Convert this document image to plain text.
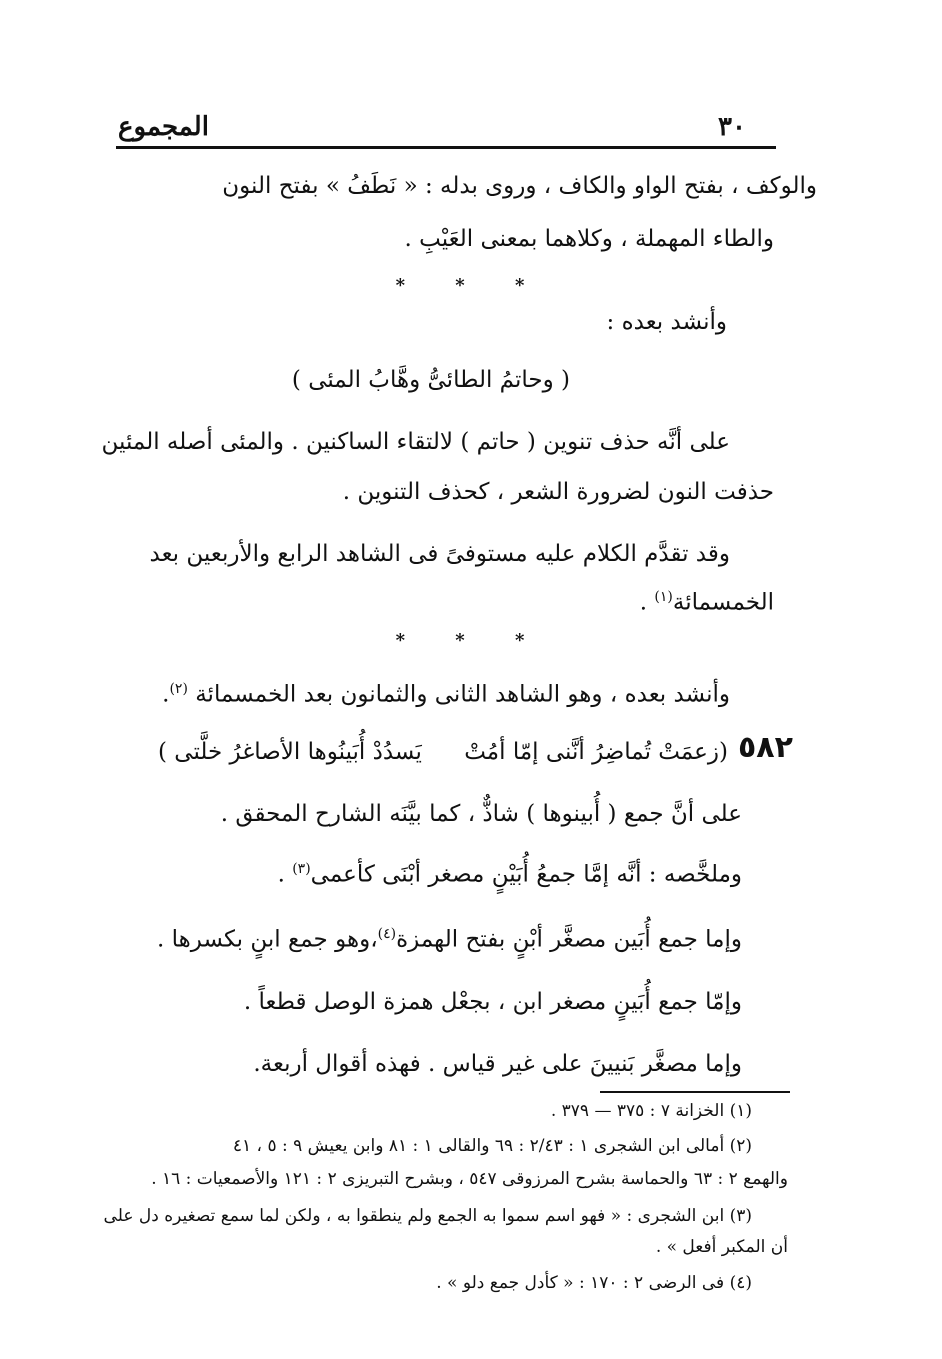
٣٠
المجموع
والوكف ، بفتح الواو والكاف ، وروى بدله : « نَطَفُ » بفتح النون
والطاء المهملة ، وكلاهما بمعنى العَيْبِ .
* * *
وأنشد بعده :
( وحاتمُ الطائىُّ وهَّابُ المئى )
على أنَّه حذف تنوين ( حاتم ) لالتقاء الساكنين . والمئى أصله المئين
حذفت النون لضرورة الشعر ، كحذف التنوين .
وقد تقدَّم الكلام عليه مستوفىً فى الشاهد الرابع والأربعين بعد
الخمسمائة$^{(١)}$ .
* * *
وأنشد بعده ، وهو الشاهد الثانى والثمانون بعد الخمسمائة $^{(٢)}$.
٥٨٢
(زعمَتْ تُماضِرُ أنَّنى إمّا أمُتْ
يَسدُدْ أُبَينُوها الأصاغرُ خلَّتى )
على أنَّ جمع ( أُبينوها ) شاذٌّ ، كما بيَّنَه الشارح المحقق .
وملخَّصه : أنَّه إمَّا جمعُ أُبَيْنٍ مصغر أبْنَى كأعمى$^{(٣)}$ .
وإما جمع أُبَين مصغَّر أبْنٍ بفتح الهمزة$^{(٤)}$،وهو جمع ابنٍ بكسرها .
وإمّا جمع أُبَينٍ مصغر ابن ، بجعْل همزة الوصل قطعاً .
وإما مصغَّر بَنيينَ على غير قياس . فهذه أقوال أربعة.
(١) الخزانة ٧ : ٣٧٥ — ٣٧٩ .
(٢) أمالى ابن الشجرى ١ : ٢/٤٣ : ٦٩ والقالى ١ : ٨١ وابن يعيش ٩ : ٥ ، ٤١
والهمع ٢ : ٦٣ والحماسة بشرح المرزوقى ٥٤٧ ، وبشرح التبريزى ٢ : ١٢١ والأصمعيات : ١٦ .
(٣) ابن الشجرى : « فهو اسم سموا به الجمع ولم ينطقوا به ، ولكن لما سمع تصغيره دل على
أن المكبر أفعل » .
(٤) فى الرضى ٢ : ١٧٠ : « كأدل جمع دلو » .
